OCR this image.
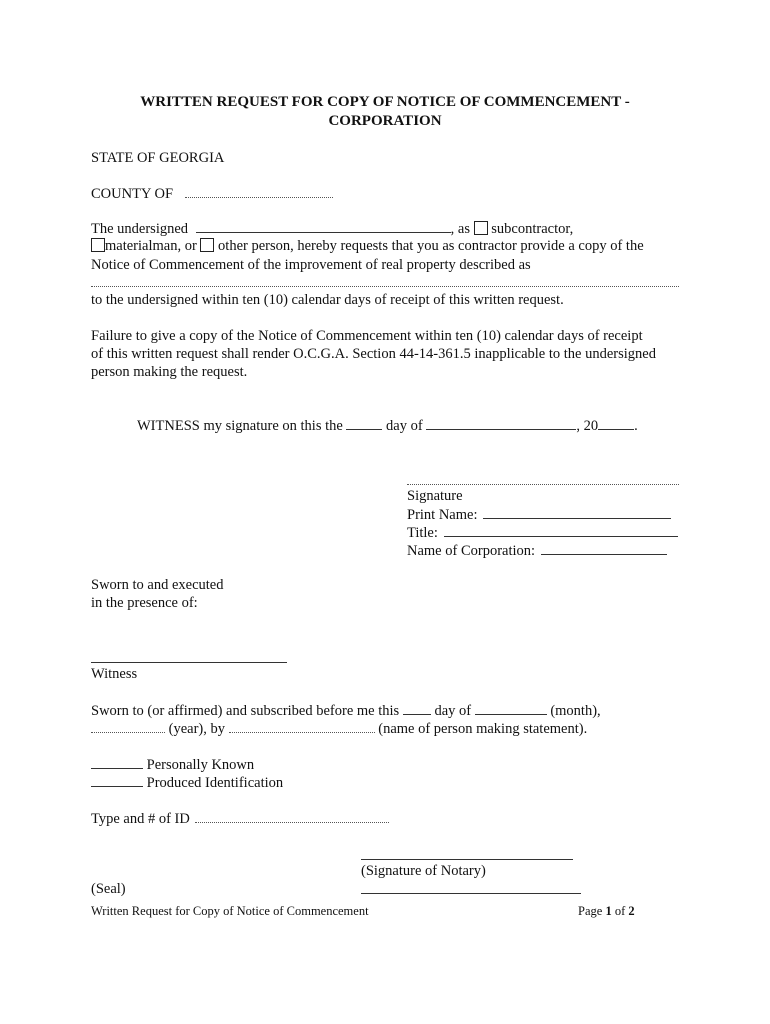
WRITTEN REQUEST FOR COPY OF NOTICE OF COMMENCEMENT -
CORPORATION
STATE OF GEORGIA
COUNTY OF
The undersigned	, as subcontractor,
materialman, or other person, hereby requests that you as contractor provide a copy of the
Notice of Commencement of the improvement of real property described as
to the undersigned within ten (10) calendar days of receipt of this written request.
Failure to give a copy of the Notice of Commencement within ten (10) calendar days of receipt
of this written request shall render O.C.G.A. Section 44-14-361.5 inapplicable to the undersigned
person making the request.
WITNESS my signature on this the	day of	, 20 .
Signature
Print Name:
Title:
Name of Corporation:
Sworn to and executed
in the presence of:
Witness
Sworn to (or affirmed) and subscribed before me this day of	(month),
(year), by	(name of person making statement).
Personally Known
Produced Identification
Type and # of ID
(Signature of Notary)
(Seal)
Written Request for Copy of Notice of Commencement	Page 1 of 2
